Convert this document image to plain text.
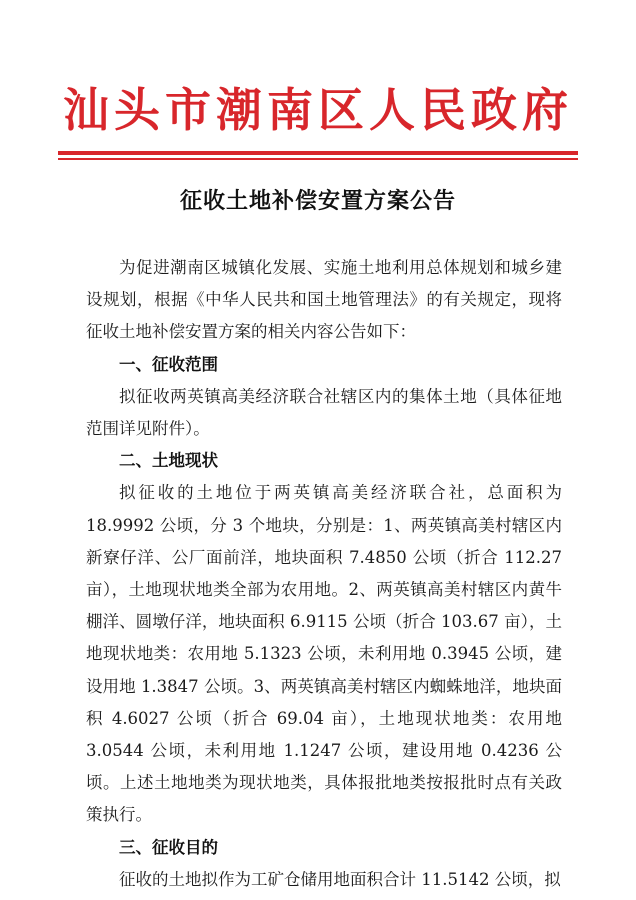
汕头市潮南区人民政府
征收土地补偿安置方案公告

为促进潮南区城镇化发展、实施土地利用总体规划和城乡建设规划，根据《中华人民共和国土地管理法》的有关规定，现将征收土地补偿安置方案的相关内容公告如下：

一、征收范围

拟征收两英镇高美经济联合社辖区内的集体土地（具体征地范围详见附件）。

二、土地现状

拟征收的土地位于两英镇高美经济联合社，总面积为 18.9992 公顷，分 3 个地块，分别是：1、两英镇高美村辖区内新寮仔洋、公厂面前洋，地块面积 7.4850 公顷（折合 112.27 亩），土地现状地类全部为农用地。2、两英镇高美村辖区内黄牛棚洋、圆墩仔洋，地块面积 6.9115 公顷（折合 103.67 亩），土地现状地类：农用地 5.1323 公顷，未利用地 0.3945 公顷，建设用地 1.3847 公顷。3、两英镇高美村辖区内蜘蛛地洋，地块面积 4.6027 公顷（折合 69.04 亩），土地现状地类：农用地 3.0544 公顷，未利用地 1.1247 公顷，建设用地 0.4236 公顷。上述土地地类为现状地类，具体报批地类按报批时点有关政策执行。

三、征收目的

征收的土地拟作为工矿仓储用地面积合计 11.5142 公顷，拟
